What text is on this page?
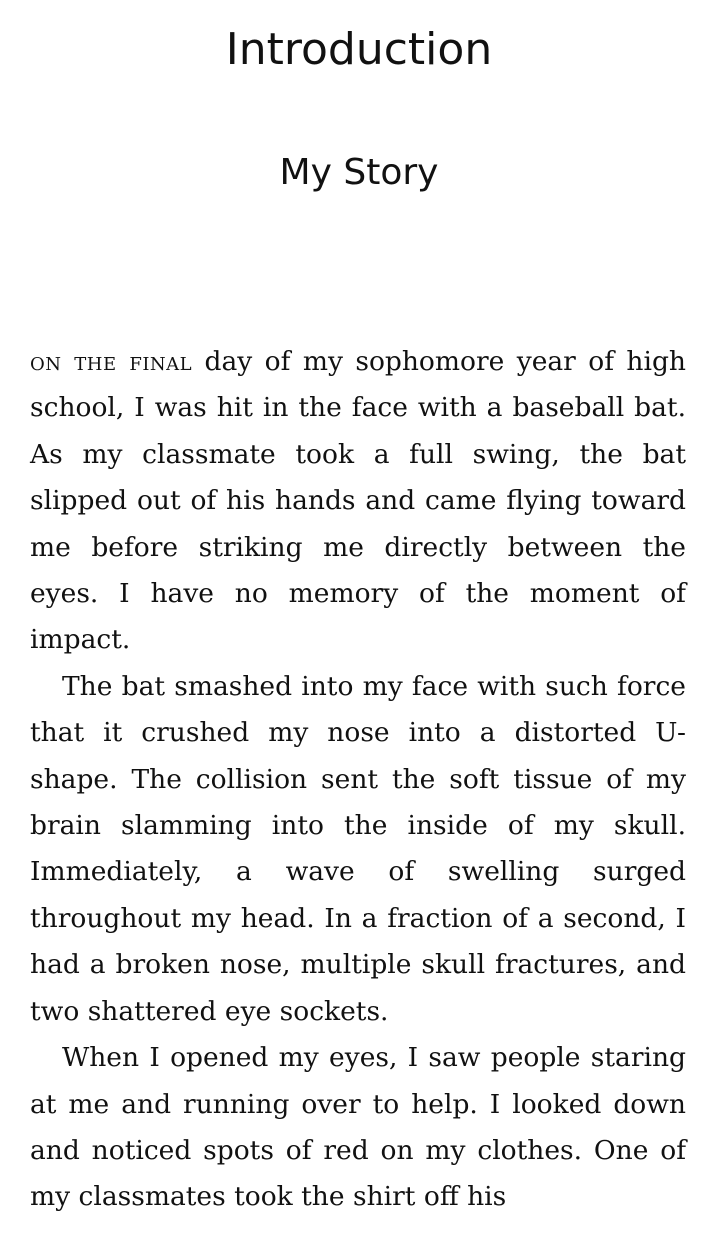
Introduction
My Story

on the final day of my sophomore year of high school, I was hit in the face with a baseball bat. As my classmate took a full swing, the bat slipped out of his hands and came flying toward me before striking me directly between the eyes. I have no memory of the moment of impact.

The bat smashed into my face with such force that it crushed my nose into a distorted U-shape. The collision sent the soft tissue of my brain slamming into the inside of my skull. Immediately, a wave of swelling surged throughout my head. In a fraction of a second, I had a broken nose, multiple skull fractures, and two shattered eye sockets.

When I opened my eyes, I saw people staring at me and running over to help. I looked down and noticed spots of red on my clothes. One of my classmates took the shirt off his
